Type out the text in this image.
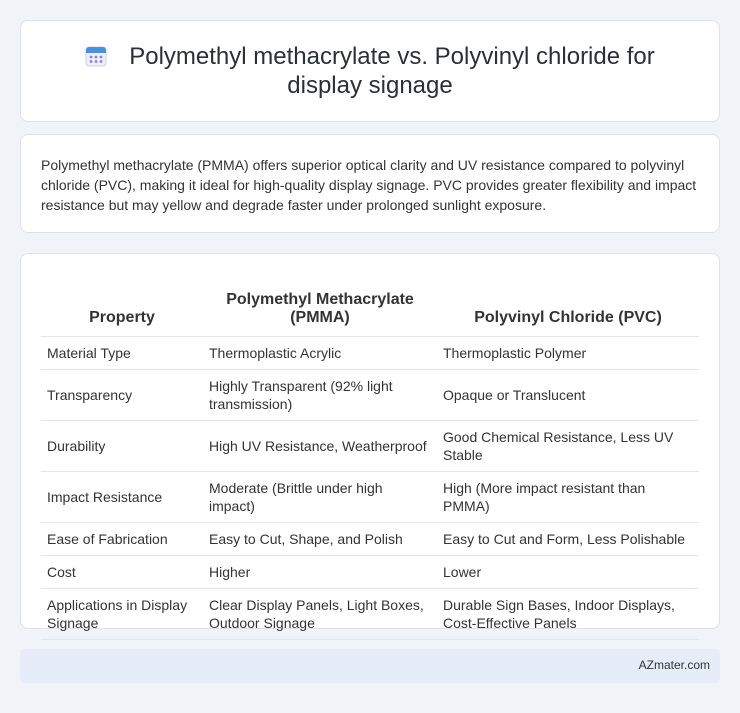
Polymethyl methacrylate vs. Polyvinyl chloride for display signage

Polymethyl methacrylate (PMMA) offers superior optical clarity and UV resistance compared to polyvinyl chloride (PVC), making it ideal for high-quality display signage. PVC provides greater flexibility and impact resistance but may yellow and degrade faster under prolonged sunlight exposure.

Property	Polymethyl Methacrylate (PMMA)	Polyvinyl Chloride (PVC)
Material Type	Thermoplastic Acrylic	Thermoplastic Polymer
Transparency	Highly Transparent (92% light transmission)	Opaque or Translucent
Durability	High UV Resistance, Weatherproof	Good Chemical Resistance, Less UV Stable
Impact Resistance	Moderate (Brittle under high impact)	High (More impact resistant than PMMA)
Ease of Fabrication	Easy to Cut, Shape, and Polish	Easy to Cut and Form, Less Polishable
Cost	Higher	Lower
Applications in Display Signage	Clear Display Panels, Light Boxes, Outdoor Signage	Durable Sign Bases, Indoor Displays, Cost-Effective Panels
AZmater.com
